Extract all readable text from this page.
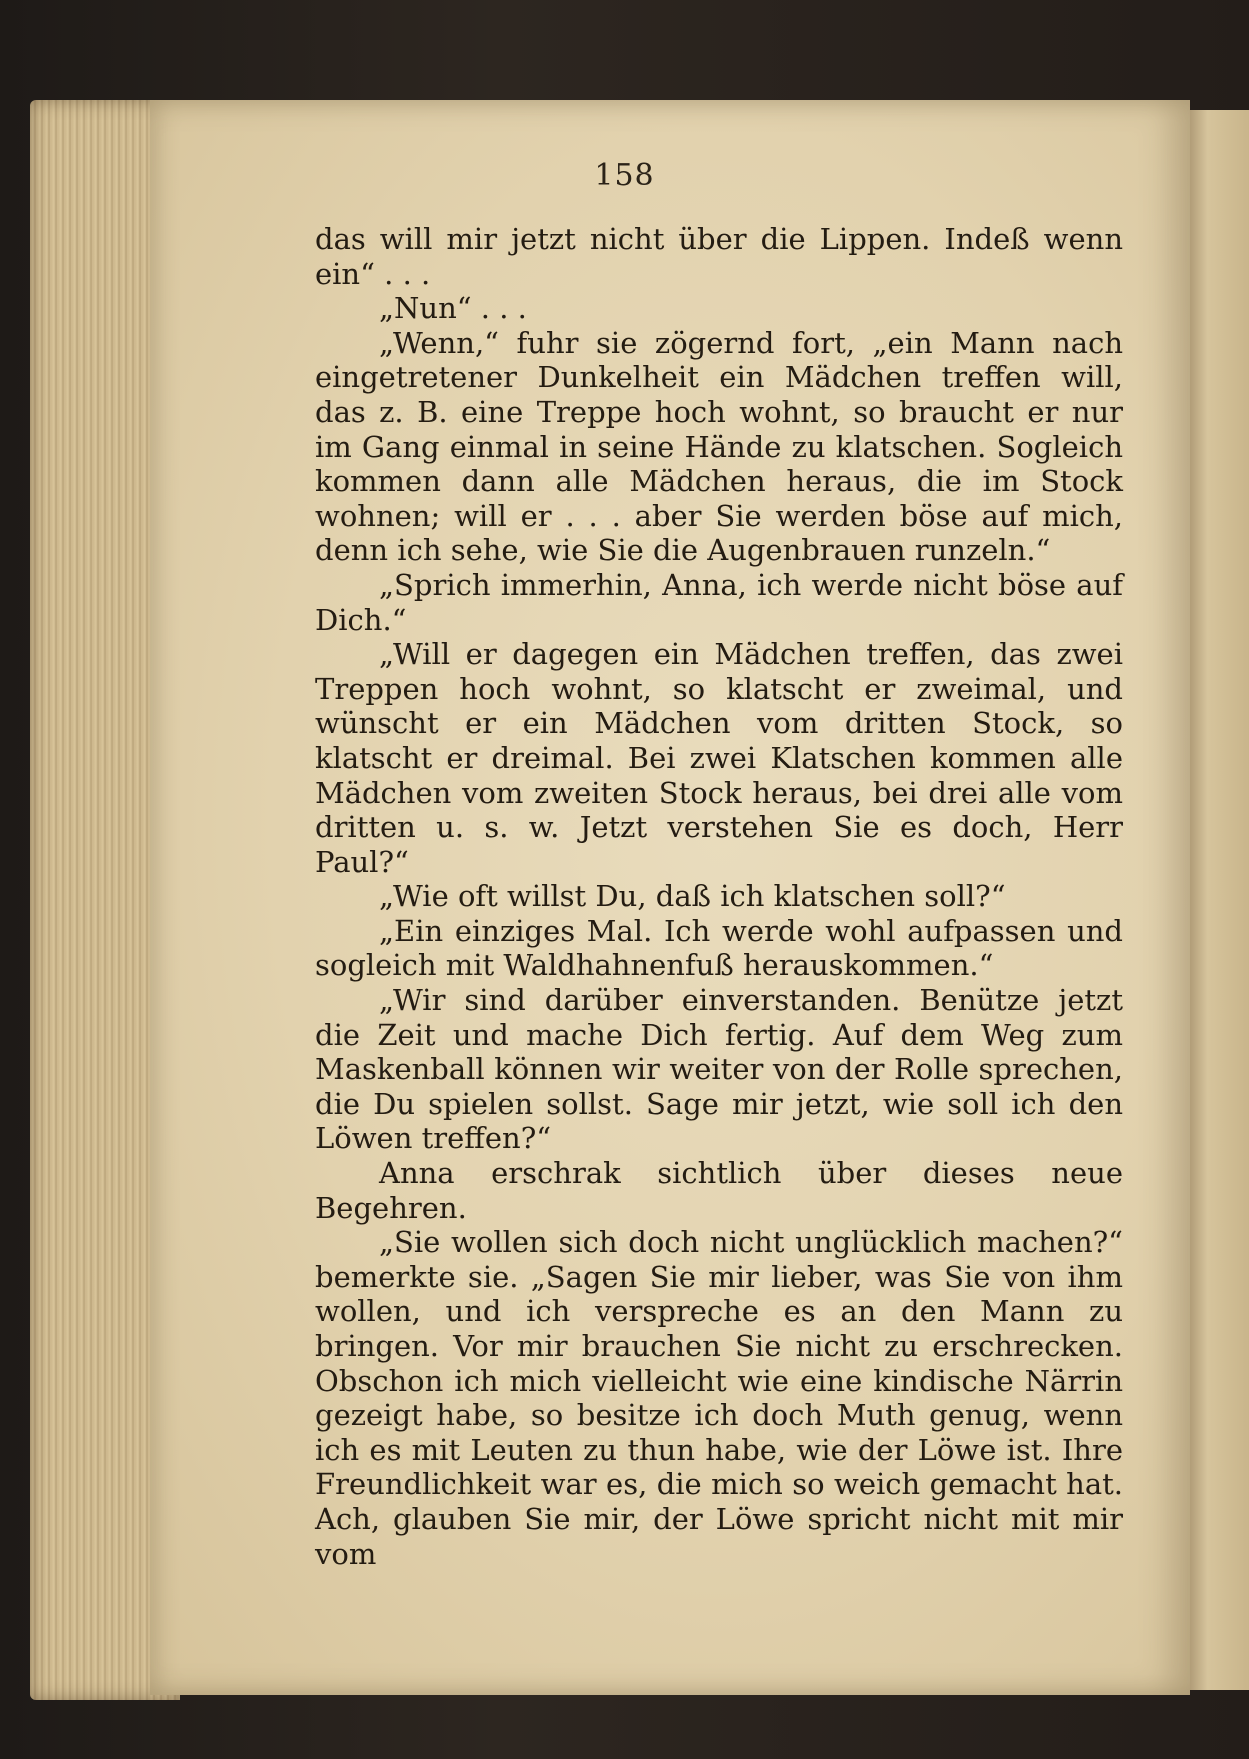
158

das will mir jetzt nicht über die Lippen. Indeß wenn ein“ . . .

„Nun“ . . .

„Wenn,“ fuhr sie zögernd fort, „ein Mann nach eingetretener Dunkelheit ein Mädchen treffen will, das z. B. eine Treppe hoch wohnt, so braucht er nur im Gang einmal in seine Hände zu klatschen. Sogleich kommen dann alle Mädchen heraus, die im Stock wohnen; will er . . . aber Sie werden böse auf mich, denn ich sehe, wie Sie die Augenbrauen runzeln.“

„Sprich immerhin, Anna, ich werde nicht böse auf Dich.“

„Will er dagegen ein Mädchen treffen, das zwei Treppen hoch wohnt, so klatscht er zweimal, und wünscht er ein Mädchen vom dritten Stock, so klatscht er dreimal. Bei zwei Klatschen kommen alle Mädchen vom zweiten Stock heraus, bei drei alle vom dritten u. s. w. Jetzt verstehen Sie es doch, Herr Paul?“

„Wie oft willst Du, daß ich klatschen soll?“

„Ein einziges Mal. Ich werde wohl aufpassen und sogleich mit Waldhahnenfuß herauskommen.“

„Wir sind darüber einverstanden. Benütze jetzt die Zeit und mache Dich fertig. Auf dem Weg zum Maskenball können wir weiter von der Rolle sprechen, die Du spielen sollst. Sage mir jetzt, wie soll ich den Löwen treffen?“

Anna erschrak sichtlich über dieses neue Begehren.

„Sie wollen sich doch nicht unglücklich machen?“ bemerkte sie. „Sagen Sie mir lieber, was Sie von ihm wollen, und ich verspreche es an den Mann zu bringen. Vor mir brauchen Sie nicht zu erschrecken. Obschon ich mich vielleicht wie eine kindische Närrin gezeigt habe, so besitze ich doch Muth genug, wenn ich es mit Leuten zu thun habe, wie der Löwe ist. Ihre Freundlichkeit war es, die mich so weich gemacht hat. Ach, glauben Sie mir, der Löwe spricht nicht mit mir vom
